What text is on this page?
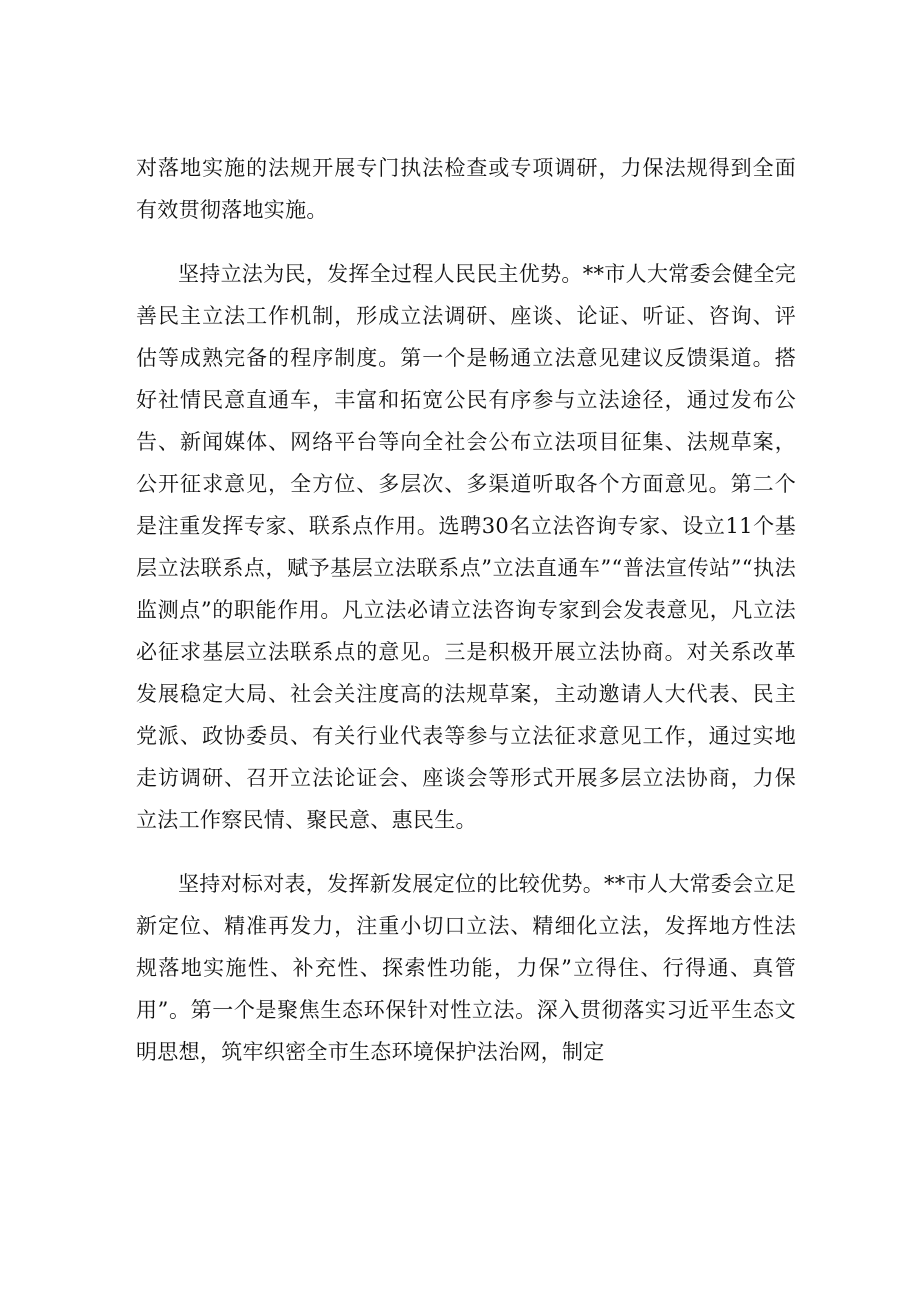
对落地实施的法规开展专门执法检查或专项调研，力保法规得到全面有效贯彻落地实施。

坚持立法为民，发挥全过程人民民主优势。**市人大常委会健全完善民主立法工作机制，形成立法调研、座谈、论证、听证、咨询、评估等成熟完备的程序制度。第一个是畅通立法意见建议反馈渠道。搭好社情民意直通车，丰富和拓宽公民有序参与立法途径，通过发布公告、新闻媒体、网络平台等向全社会公布立法项目征集、法规草案，公开征求意见，全方位、多层次、多渠道听取各个方面意见。第二个是注重发挥专家、联系点作用。选聘30名立法咨询专家、设立11个基层立法联系点，赋予基层立法联系点”立法直通车”“普法宣传站”“执法监测点”的职能作用。凡立法必请立法咨询专家到会发表意见，凡立法必征求基层立法联系点的意见。三是积极开展立法协商。对关系改革发展稳定大局、社会关注度高的法规草案，主动邀请人大代表、民主党派、政协委员、有关行业代表等参与立法征求意见工作，通过实地走访调研、召开立法论证会、座谈会等形式开展多层立法协商，力保立法工作察民情、聚民意、惠民生。

坚持对标对表，发挥新发展定位的比较优势。**市人大常委会立足新定位、精准再发力，注重小切口立法、精细化立法，发挥地方性法规落地实施性、补充性、探索性功能，力保”立得住、行得通、真管用”。第一个是聚焦生态环保针对性立法。深入贯彻落实习近平生态文明思想，筑牢织密全市生态环境保护法治网，制定
